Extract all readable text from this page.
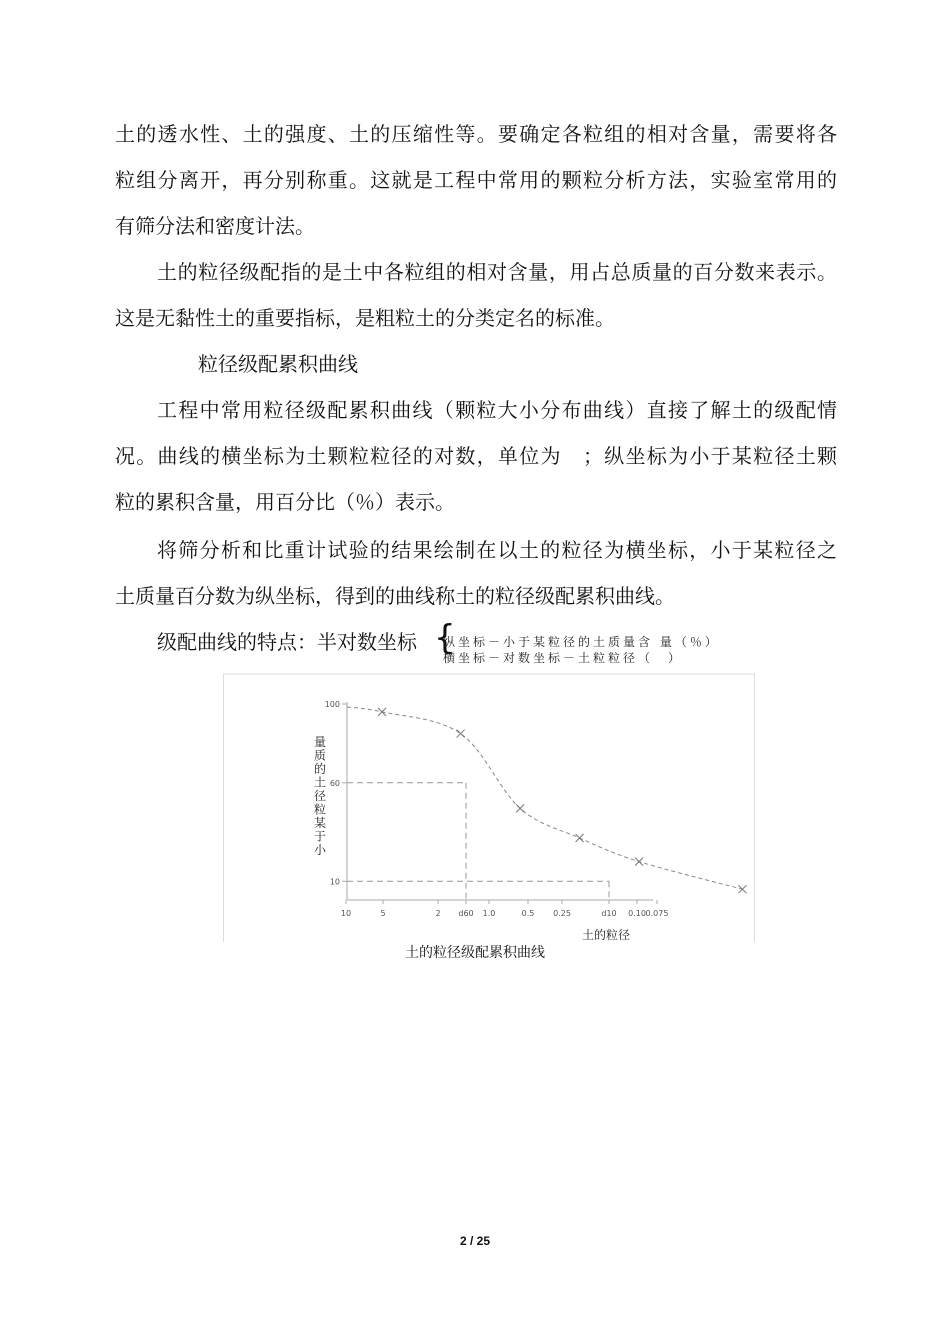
土的透水性、土的强度、土的压缩性等。要确定各粒组的相对含量，需要将各
粒组分离开，再分别称重。这就是工程中常用的颗粒分析方法，实验室常用的
有筛分法和密度计法。
土的粒径级配指的是土中各粒组的相对含量，用占总质量的百分数来表示。
这是无黏性土的重要指标，是粗粒土的分类定名的标准。
粒径级配累积曲线
工程中常用粒径级配累积曲线（颗粒大小分布曲线）直接了解土的级配情
况。曲线的横坐标为土颗粒粒径的对数，单位为　；纵坐标为小于某粒径土颗
粒的累积含量，用百分比（％）表示。
将筛分析和比重计试验的结果绘制在以土的粒径为横坐标，小于某粒径之
土质量百分数为纵坐标，得到的曲线称土的粒径级配累积曲线。
级配曲线的特点：半对数坐标 {
纵坐标－小于某粒径的土质量含 量（％）
横坐标－对数坐标－土粒粒径（　）
100
60
10
10	5	2 d60 1.0	0.5 0.25	d10 0.10 0.075
量
质
的
土
径
粒
某
于
小
土的粒径
土的粒径级配累积曲线
2 / 25
